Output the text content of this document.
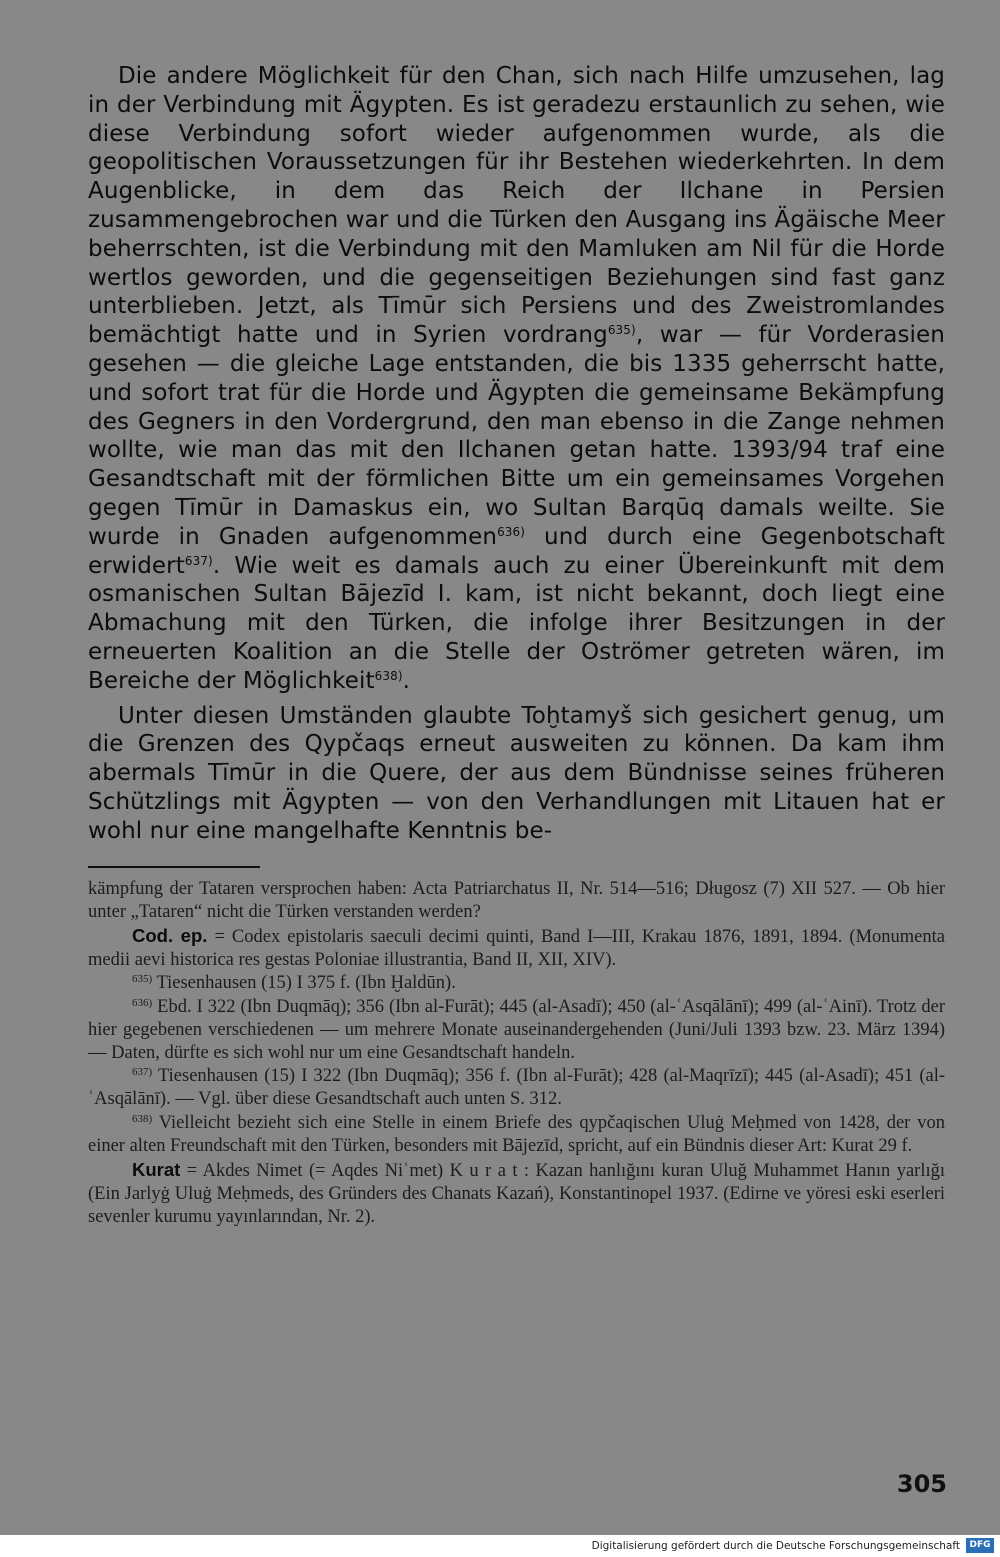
Die andere Möglichkeit für den Chan, sich nach Hilfe umzusehen, lag in der Verbindung mit Ägypten. Es ist geradezu erstaunlich zu sehen, wie diese Verbindung sofort wieder aufgenommen wurde, als die geopolitischen Voraussetzungen für ihr Bestehen wiederkehrten. In dem Augenblicke, in dem das Reich der Ilchane in Persien zusammengebrochen war und die Türken den Ausgang ins Ägäische Meer beherrschten, ist die Verbindung mit den Mamluken am Nil für die Horde wertlos geworden, und die gegenseitigen Beziehungen sind fast ganz unterblieben. Jetzt, als Tīmūr sich Persiens und des Zweistromlandes bemächtigt hatte und in Syrien vordrang$^{635)}$, war — für Vorderasien gesehen — die gleiche Lage entstanden, die bis 1335 geherrscht hatte, und sofort trat für die Horde und Ägypten die gemeinsame Bekämpfung des Gegners in den Vordergrund, den man ebenso in die Zange nehmen wollte, wie man das mit den Ilchanen getan hatte. 1393/94 traf eine Gesandtschaft mit der förmlichen Bitte um ein gemeinsames Vorgehen gegen Tīmūr in Damaskus ein, wo Sultan Barqūq damals weilte. Sie wurde in Gnaden aufgenommen$^{636)}$ und durch eine Gegenbotschaft erwidert$^{637)}$. Wie weit es damals auch zu einer Übereinkunft mit dem osmanischen Sultan Bājezīd I. kam, ist nicht bekannt, doch liegt eine Abmachung mit den Türken, die infolge ihrer Besitzungen in der erneuerten Koalition an die Stelle der Oströmer getreten wären, im Bereiche der Möglichkeit$^{638)}$.

Unter diesen Umständen glaubte Toḫtamyš sich gesichert genug, um die Grenzen des Qypčaqs erneut ausweiten zu können. Da kam ihm abermals Tīmūr in die Quere, der aus dem Bündnisse seines früheren Schützlings mit Ägypten — von den Verhandlungen mit Litauen hat er wohl nur eine mangelhafte Kenntnis be-

kämpfung der Tataren versprochen haben: Acta Patriarchatus II, Nr. 514—516; Długosz (7) XII 527. — Ob hier unter „Tataren“ nicht die Türken verstanden werden?

Cod. ep. = Codex epistolaris saeculi decimi quinti, Band I—III, Krakau 1876, 1891, 1894. (Monumenta medii aevi historica res gestas Poloniae illustrantia, Band II, XII, XIV).

$^{635)}$ Tiesenhausen (15) I 375 f. (Ibn Ḫaldūn).

$^{636)}$ Ebd. I 322 (Ibn Duqmāq); 356 (Ibn al-Furāt); 445 (al-Asadī); 450 (al-ʿAsqālānī); 499 (al-ʿAinī). Trotz der hier gegebenen verschiedenen — um mehrere Monate auseinandergehenden (Juni/Juli 1393 bzw. 23. März 1394) — Daten, dürfte es sich wohl nur um eine Gesandtschaft handeln.

$^{637)}$ Tiesenhausen (15) I 322 (Ibn Duqmāq); 356 f. (Ibn al-Furāt); 428 (al-Maqrīzī); 445 (al-Asadī); 451 (al-ʿAsqālānī). — Vgl. über diese Gesandtschaft auch unten S. 312.

$^{638)}$ Vielleicht bezieht sich eine Stelle in einem Briefe des qypčaqischen Uluġ Meḥmed von 1428, der von einer alten Freundschaft mit den Türken, besonders mit Bājezīd, spricht, auf ein Bündnis dieser Art: Kurat 29 f.

Kurat = Akdes Nimet (= Aqdes Niʿmet) K u r a t : Kazan hanlığını kuran Uluğ Muhammet Hanın yarlığı (Ein Jarlyġ Uluġ Meḥmeds, des Gründers des Chanats Kazań), Konstantinopel 1937. (Edirne ve yöresi eski eserleri sevenler kurumu yayınlarından, Nr. 2).

305
Digitalisierung gefördert durch die Deutsche Forschungsgemeinschaft	DFG
